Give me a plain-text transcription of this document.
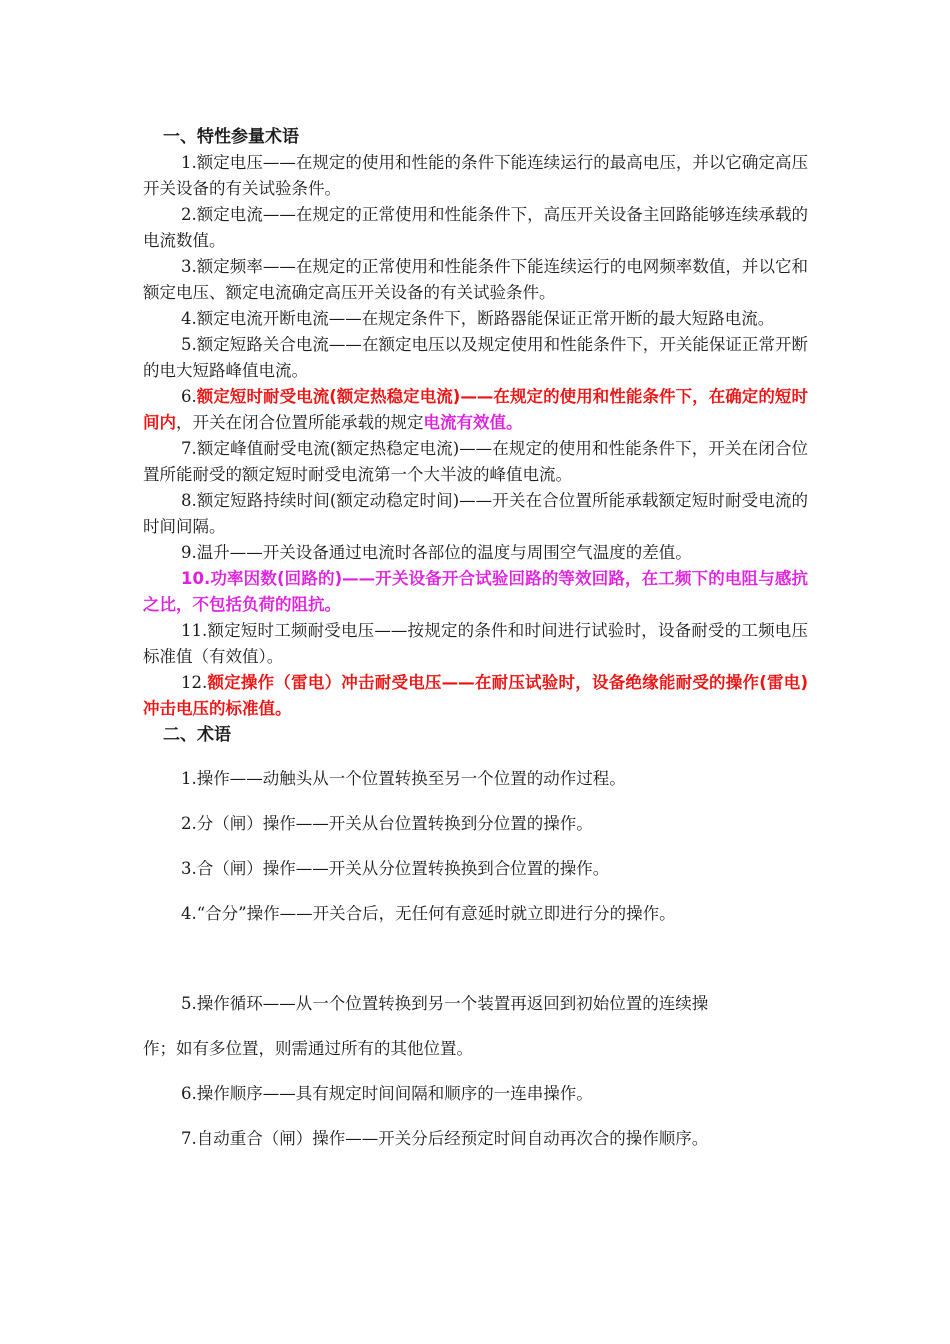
一、特性参量术语

1.额定电压——在规定的使用和性能的条件下能连续运行的最高电压，并以它确定高压开关设备的有关试验条件。

2.额定电流——在规定的正常使用和性能条件下，高压开关设备主回路能够连续承载的电流数值。

3.额定频率——在规定的正常使用和性能条件下能连续运行的电网频率数值，并以它和额定电压、额定电流确定高压开关设备的有关试验条件。

4.额定电流开断电流——在规定条件下，断路器能保证正常开断的最大短路电流。

5.额定短路关合电流——在额定电压以及规定使用和性能条件下，开关能保证正常开断的电大短路峰值电流。

6.额定短时耐受电流(额定热稳定电流)——在规定的使用和性能条件下，在确定的短时间内，开关在闭合位置所能承载的规定电流有效值。

7.额定峰值耐受电流(额定热稳定电流)——在规定的使用和性能条件下，开关在闭合位置所能耐受的额定短时耐受电流第一个大半波的峰值电流。

8.额定短路持续时间(额定动稳定时间)——开关在合位置所能承载额定短时耐受电流的时间间隔。

9.温升——开关设备通过电流时各部位的温度与周围空气温度的差值。

10.功率因数(回路的)——开关设备开合试验回路的等效回路，在工频下的电阻与感抗之比，不包括负荷的阻抗。

11.额定短时工频耐受电压——按规定的条件和时间进行试验时，设备耐受的工频电压标准值（有效值）。

12.额定操作（雷电）冲击耐受电压——在耐压试验时，设备绝缘能耐受的操作(雷电)冲击电压的标准值。

二、术语

1.操作——动触头从一个位置转换至另一个位置的动作过程。

2.分（闸）操作——开关从台位置转换到分位置的操作。

3.合（闸）操作——开关从分位置转换换到合位置的操作。

4.“合分”操作——开关合后，无任何有意延时就立即进行分的操作。

5.操作循环——从一个位置转换到另一个装置再返回到初始位置的连续操

作；如有多位置，则需通过所有的其他位置。

6.操作顺序——具有规定时间间隔和顺序的一连串操作。

7.自动重合（闸）操作——开关分后经预定时间自动再次合的操作顺序。
